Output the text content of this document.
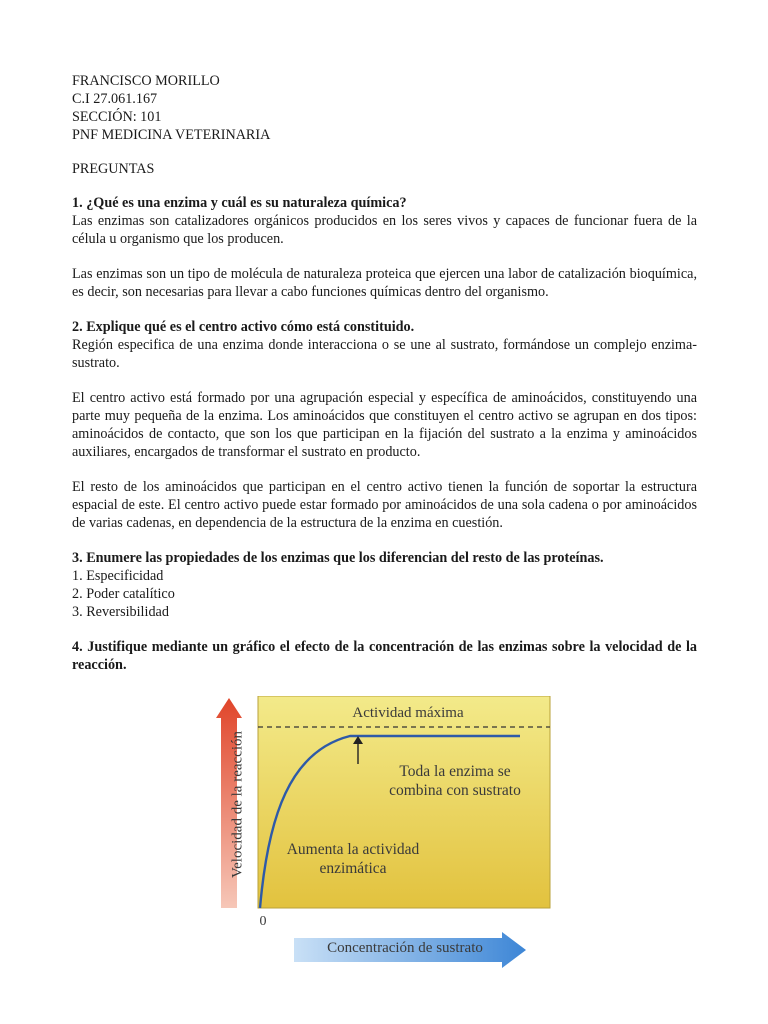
FRANCISCO MORILLO
C.I 27.061.167
SECCIÓN: 101
PNF MEDICINA VETERINARIA
PREGUNTAS

1. ¿Qué es una enzima y cuál es su naturaleza química?

Las enzimas son catalizadores orgánicos producidos en los seres vivos y capaces de funcionar fuera de la célula u organismo que los producen.

Las enzimas son un tipo de molécula de naturaleza proteica que ejercen una labor de catalización bioquímica, es decir, son necesarias para llevar a cabo funciones químicas dentro del organismo.

2. Explique qué es el centro activo cómo está constituido.

Región especifica de una enzima donde interacciona o se une al sustrato, formándose un complejo enzima-sustrato.

El centro activo está formado por una agrupación especial y específica de aminoácidos, constituyendo una parte muy pequeña de la enzima. Los aminoácidos que constituyen el centro activo se agrupan en dos tipos: aminoácidos de contacto, que son los que participan en la fijación del sustrato a la enzima y aminoácidos auxiliares, encargados de transformar el sustrato en producto.

El resto de los aminoácidos que participan en el centro activo tienen la función de soportar la estructura espacial de este. El centro activo puede estar formado por aminoácidos de una sola cadena o por aminoácidos de varias cadenas, en dependencia de la estructura de la enzima en cuestión.

3. Enumere las propiedades de los enzimas que los diferencian del resto de las proteínas.

1. Especificidad
2. Poder catalítico
3. Reversibilidad

4. Justifique mediante un gráfico el efecto de la concentración de las enzimas sobre la velocidad de la reacción.

Actividad máxima
Toda la enzima se
combina con sustrato
Aumenta la actividad
enzimática
0
Concentración de sustrato
Velocidad de la reacción
